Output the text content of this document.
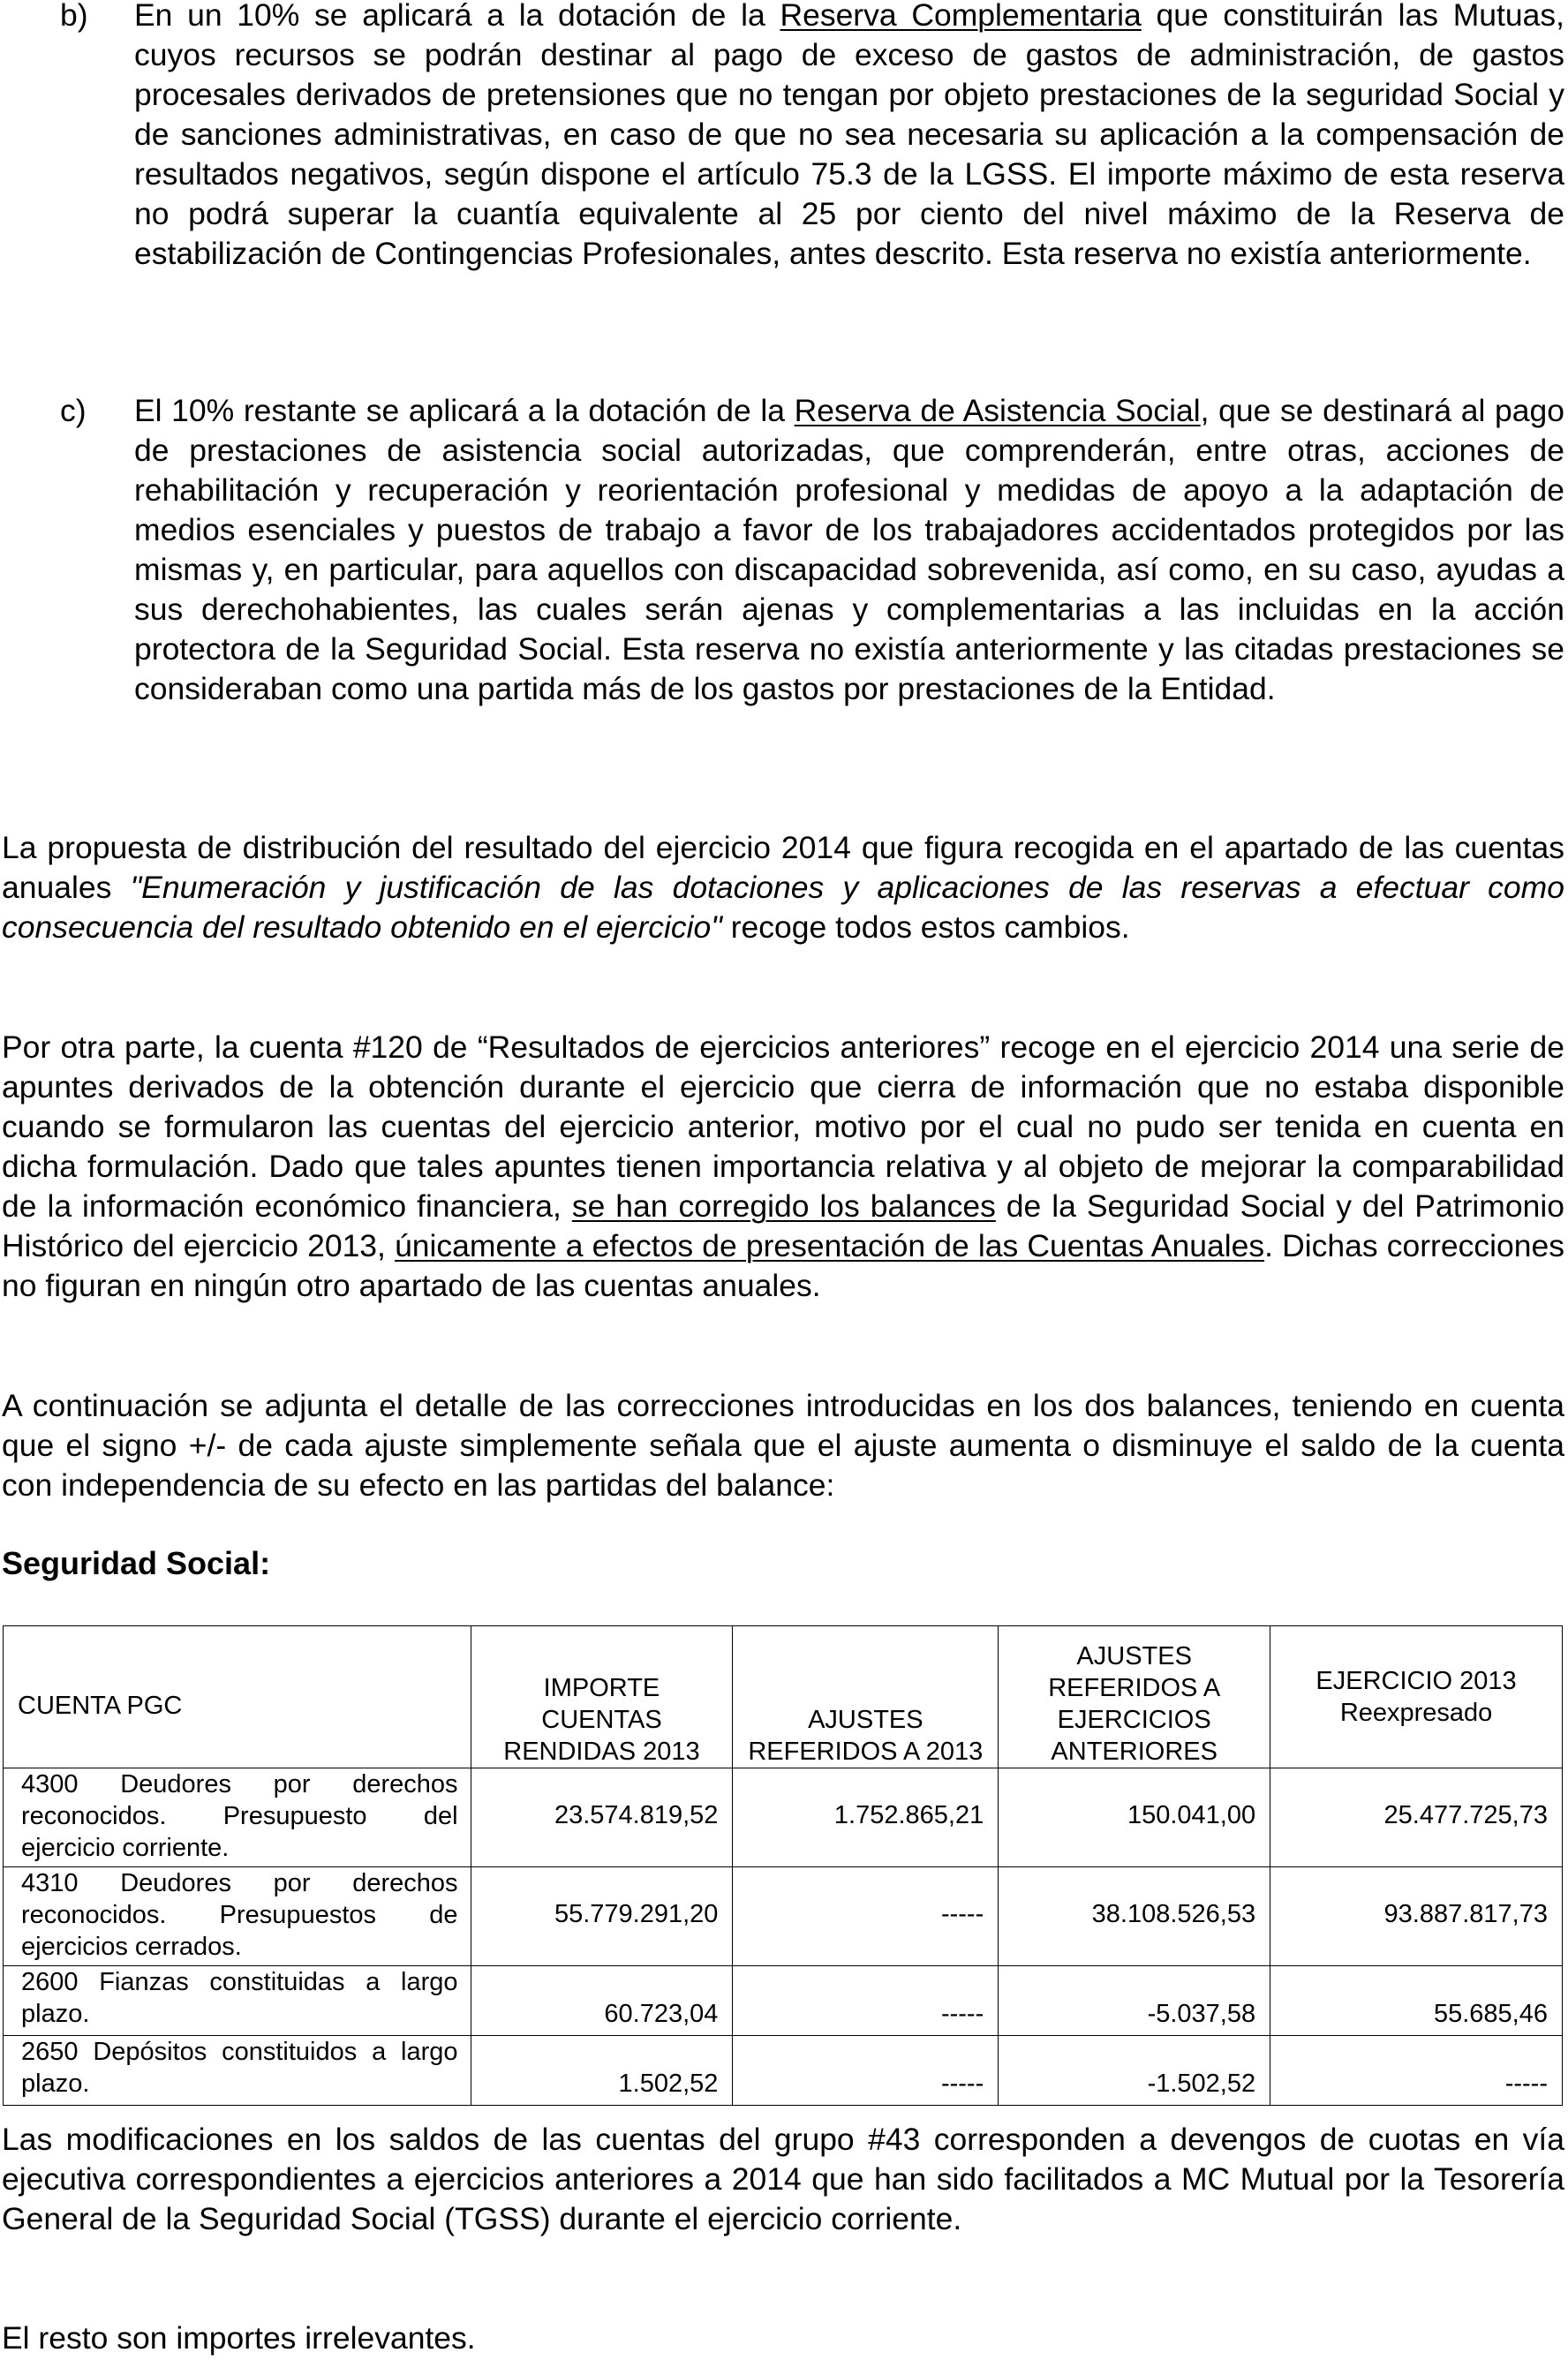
b) En un 10% se aplicará a la dotación de la Reserva Complementaria que constituirán las Mutuas, cuyos recursos se podrán destinar al pago de exceso de gastos de administración, de gastos procesales derivados de pretensiones que no tengan por objeto prestaciones de la seguridad Social y de sanciones administrativas, en caso de que no sea necesaria su aplicación a la compensación de resultados negativos, según dispone el artículo 75.3 de la LGSS. El importe máximo de esta reserva no podrá superar la cuantía equivalente al 25 por ciento del nivel máximo de la Reserva de estabilización de Contingencias Profesionales, antes descrito. Esta reserva no existía anteriormente.

c) El 10% restante se aplicará a la dotación de la Reserva de Asistencia Social, que se destinará al pago de prestaciones de asistencia social autorizadas, que comprenderán, entre otras, acciones de rehabilitación y recuperación y reorientación profesional y medidas de apoyo a la adaptación de medios esenciales y puestos de trabajo a favor de los trabajadores accidentados protegidos por las mismas y, en particular, para aquellos con discapacidad sobrevenida, así como, en su caso, ayudas a sus derechohabientes, las cuales serán ajenas y complementarias a las incluidas en la acción protectora de la Seguridad Social. Esta reserva no existía anteriormente y las citadas prestaciones se consideraban como una partida más de los gastos por prestaciones de la Entidad.

La propuesta de distribución del resultado del ejercicio 2014 que figura recogida en el apartado de las cuentas anuales "Enumeración y justificación de las dotaciones y aplicaciones de las reservas a efectuar como consecuencia del resultado obtenido en el ejercicio" recoge todos estos cambios.

Por otra parte, la cuenta #120 de “Resultados de ejercicios anteriores” recoge en el ejercicio 2014 una serie de apuntes derivados de la obtención durante el ejercicio que cierra de información que no estaba disponible cuando se formularon las cuentas del ejercicio anterior, motivo por el cual no pudo ser tenida en cuenta en dicha formulación. Dado que tales apuntes tienen importancia relativa y al objeto de mejorar la comparabilidad de la información económico financiera, se han corregido los balances de la Seguridad Social y del Patrimonio Histórico del ejercicio 2013, únicamente a efectos de presentación de las Cuentas Anuales. Dichas correcciones no figuran en ningún otro apartado de las cuentas anuales.

A continuación se adjunta el detalle de las correcciones introducidas en los dos balances, teniendo en cuenta que el signo +/- de cada ajuste simplemente señala que el ajuste aumenta o disminuye el saldo de la cuenta con independencia de su efecto en las partidas del balance:

Seguridad Social:
CUENTA PGC	IMPORTE CUENTAS RENDIDAS 2013	AJUSTES REFERIDOS A 2013	AJUSTES REFERIDOS A EJERCICIOS ANTERIORES	EJERCICIO 2013 Reexpresado
4300 Deudores por derechos reconocidos. Presupuesto del ejercicio corriente.	23.574.819,52	1.752.865,21	150.041,00	25.477.725,73
4310 Deudores por derechos reconocidos. Presupuestos de ejercicios cerrados.	55.779.291,20	-----	38.108.526,53	93.887.817,73
2600 Fianzas constituidas a largo plazo.	60.723,04	-----	-5.037,58	55.685,46
2650 Depósitos constituidos a largo plazo.	1.502,52	-----	-1.502,52	-----

Las modificaciones en los saldos de las cuentas del grupo #43 corresponden a devengos de cuotas en vía ejecutiva correspondientes a ejercicios anteriores a 2014 que han sido facilitados a MC Mutual por la Tesorería General de la Seguridad Social (TGSS) durante el ejercicio corriente.

El resto son importes irrelevantes.
